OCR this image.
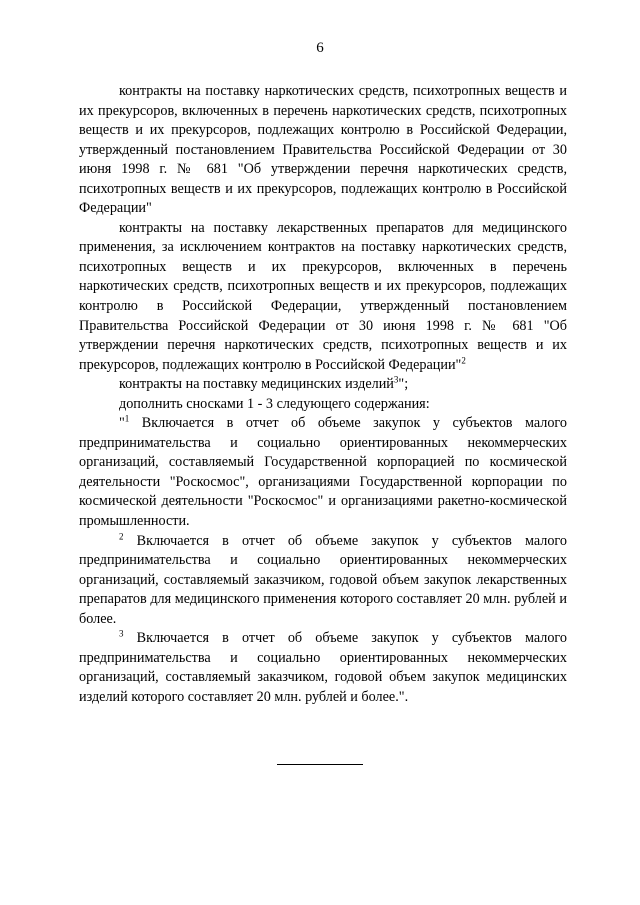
6

контракты на поставку наркотических средств, психотропных веществ и их прекурсоров, включенных в перечень наркотических средств, психотропных веществ и их прекурсоров, подлежащих контролю в Российской Федерации, утвержденный постановлением Правительства Российской Федерации от 30 июня 1998 г. № 681 "Об утверждении перечня наркотических средств, психотропных веществ и их прекурсоров, подлежащих контролю в Российской Федерации"

контракты на поставку лекарственных препаратов для медицинского применения, за исключением контрактов на поставку наркотических средств, психотропных веществ и их прекурсоров, включенных в перечень наркотических средств, психотропных веществ и их прекурсоров, подлежащих контролю в Российской Федерации, утвержденный постановлением Правительства Российской Федерации от 30 июня 1998 г. № 681 "Об утверждении перечня наркотических средств, психотропных веществ и их прекурсоров, подлежащих контролю в Российской Федерации"$^2$

контракты на поставку медицинских изделий$^3$";

дополнить сносками 1 - 3 следующего содержания:

"$^1$ Включается в отчет об объеме закупок у субъектов малого предпринимательства и социально ориентированных некоммерческих организаций, составляемый Государственной корпорацией по космической деятельности "Роскосмос", организациями Государственной корпорации по космической деятельности "Роскосмос" и организациями ракетно-космической промышленности.

$^2$ Включается в отчет об объеме закупок у субъектов малого предпринимательства и социально ориентированных некоммерческих организаций, составляемый заказчиком, годовой объем закупок лекарственных препаратов для медицинского применения которого составляет 20 млн. рублей и более.

$^3$ Включается в отчет об объеме закупок у субъектов малого предпринимательства и социально ориентированных некоммерческих организаций, составляемый заказчиком, годовой объем закупок медицинских изделий которого составляет 20 млн. рублей и более.".
